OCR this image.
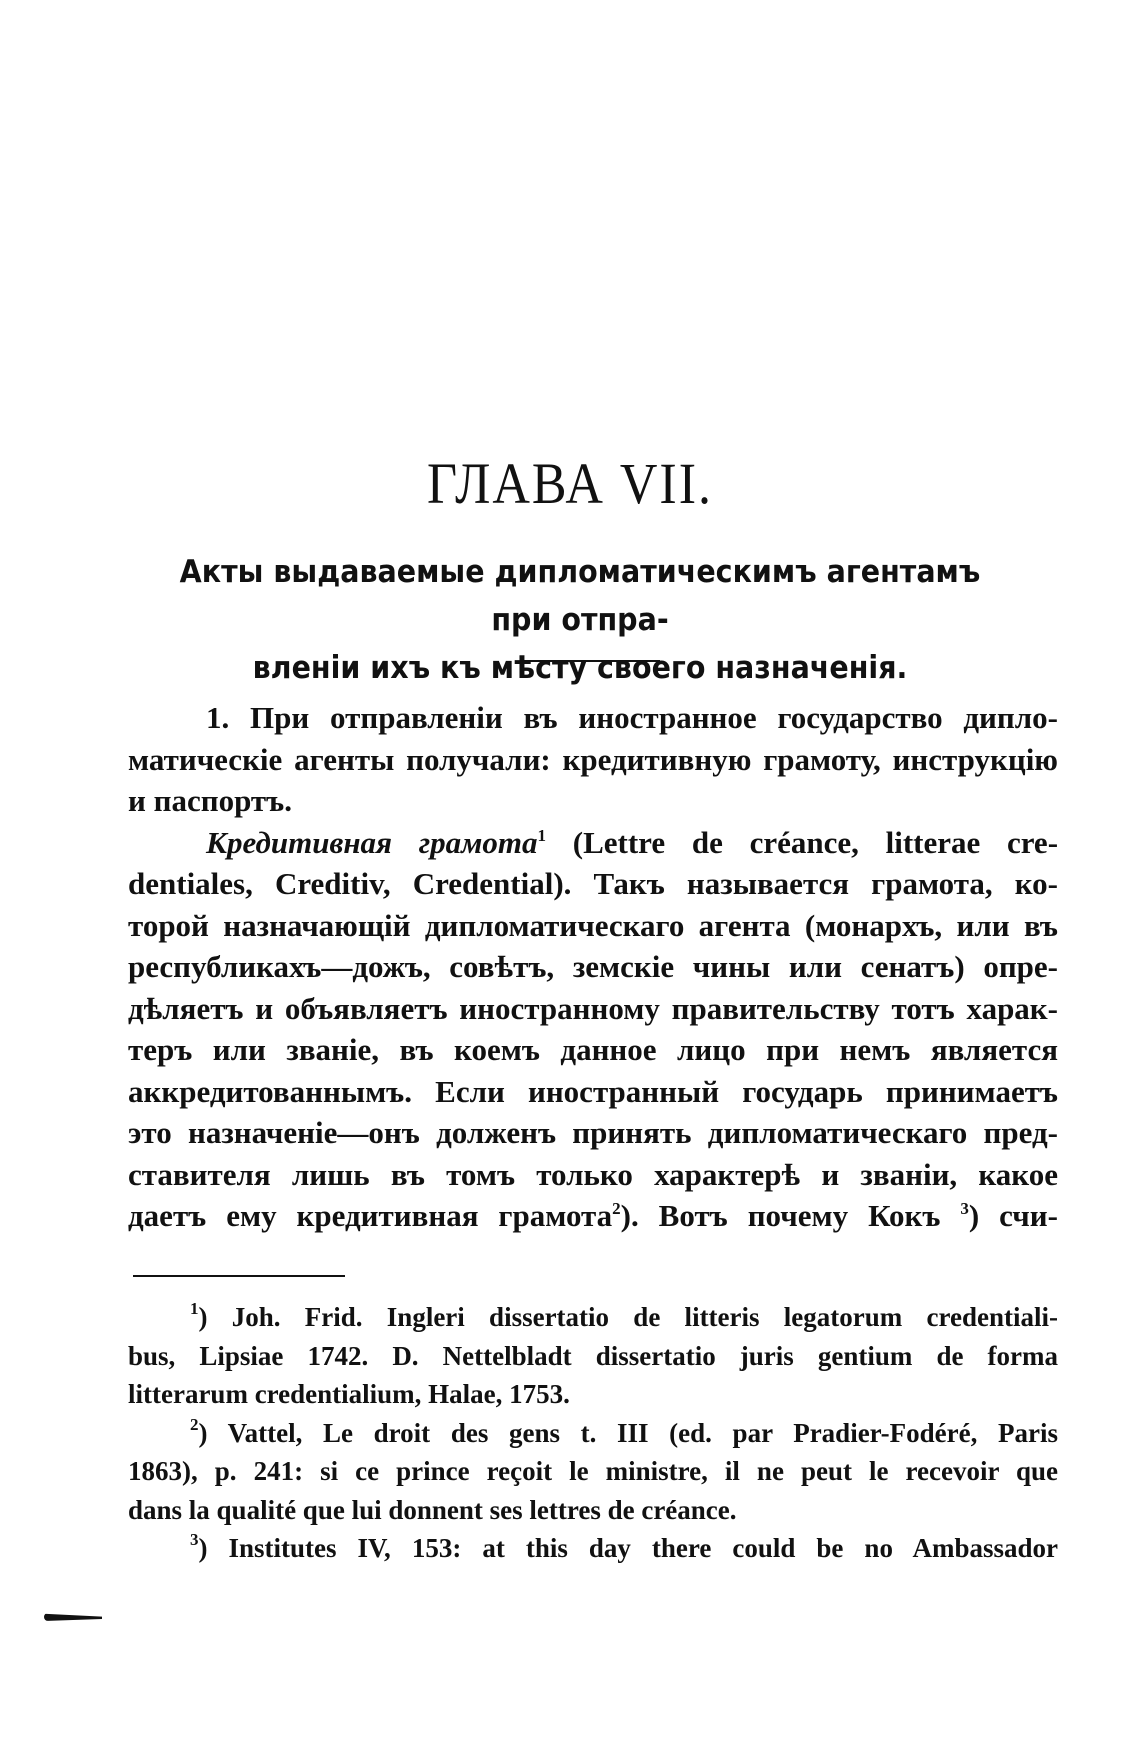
ГЛАВА VII.
Акты выдаваемые дипломатическимъ агентамъ при отпра-
вленіи ихъ къ мѣсту своего назначенія.
1. При отправленіи въ иностранное государство дипло-
матическіе агенты получали: кредитивную грамоту, инструкцію
и паспортъ.
Кредитивная грамота$^1$ (Lettre de créance, litterae cre-
dentiales, Creditiv, Credential). Такъ называется грамота, ко-
торой назначающій дипломатическаго агента (монархъ, или въ
республикахъ—дожъ, совѣтъ, земскіе чины или сенатъ) опре-
дѣляетъ и объявляетъ иностранному правительству тотъ харак-
теръ или званіе, въ коемъ данное лицо при немъ является
аккредитованнымъ. Если иностранный государь принимаетъ
это назначеніе—онъ долженъ принять дипломатическаго пред-
ставителя лишь въ томъ только характерѣ и званіи, какое
даетъ ему кредитивная грамота$^2$). Вотъ почему Кокъ $^3$) счи-
$^1$) Joh. Frid. Ingleri dissertatio de litteris legatorum credentiali-
bus, Lipsiae 1742. D. Nettelbladt dissertatio juris gentium de forma
litterarum credentialium, Halae, 1753.
$^2$) Vattel, Le droit des gens t. III (ed. par Pradier-Fodéré, Paris
1863), p. 241: si ce prince reçoit le ministre, il ne peut le recevoir que
dans la qualité que lui donnent ses lettres de créance.
$^3$) Institutes IV, 153: at this day there could be no Ambassador
